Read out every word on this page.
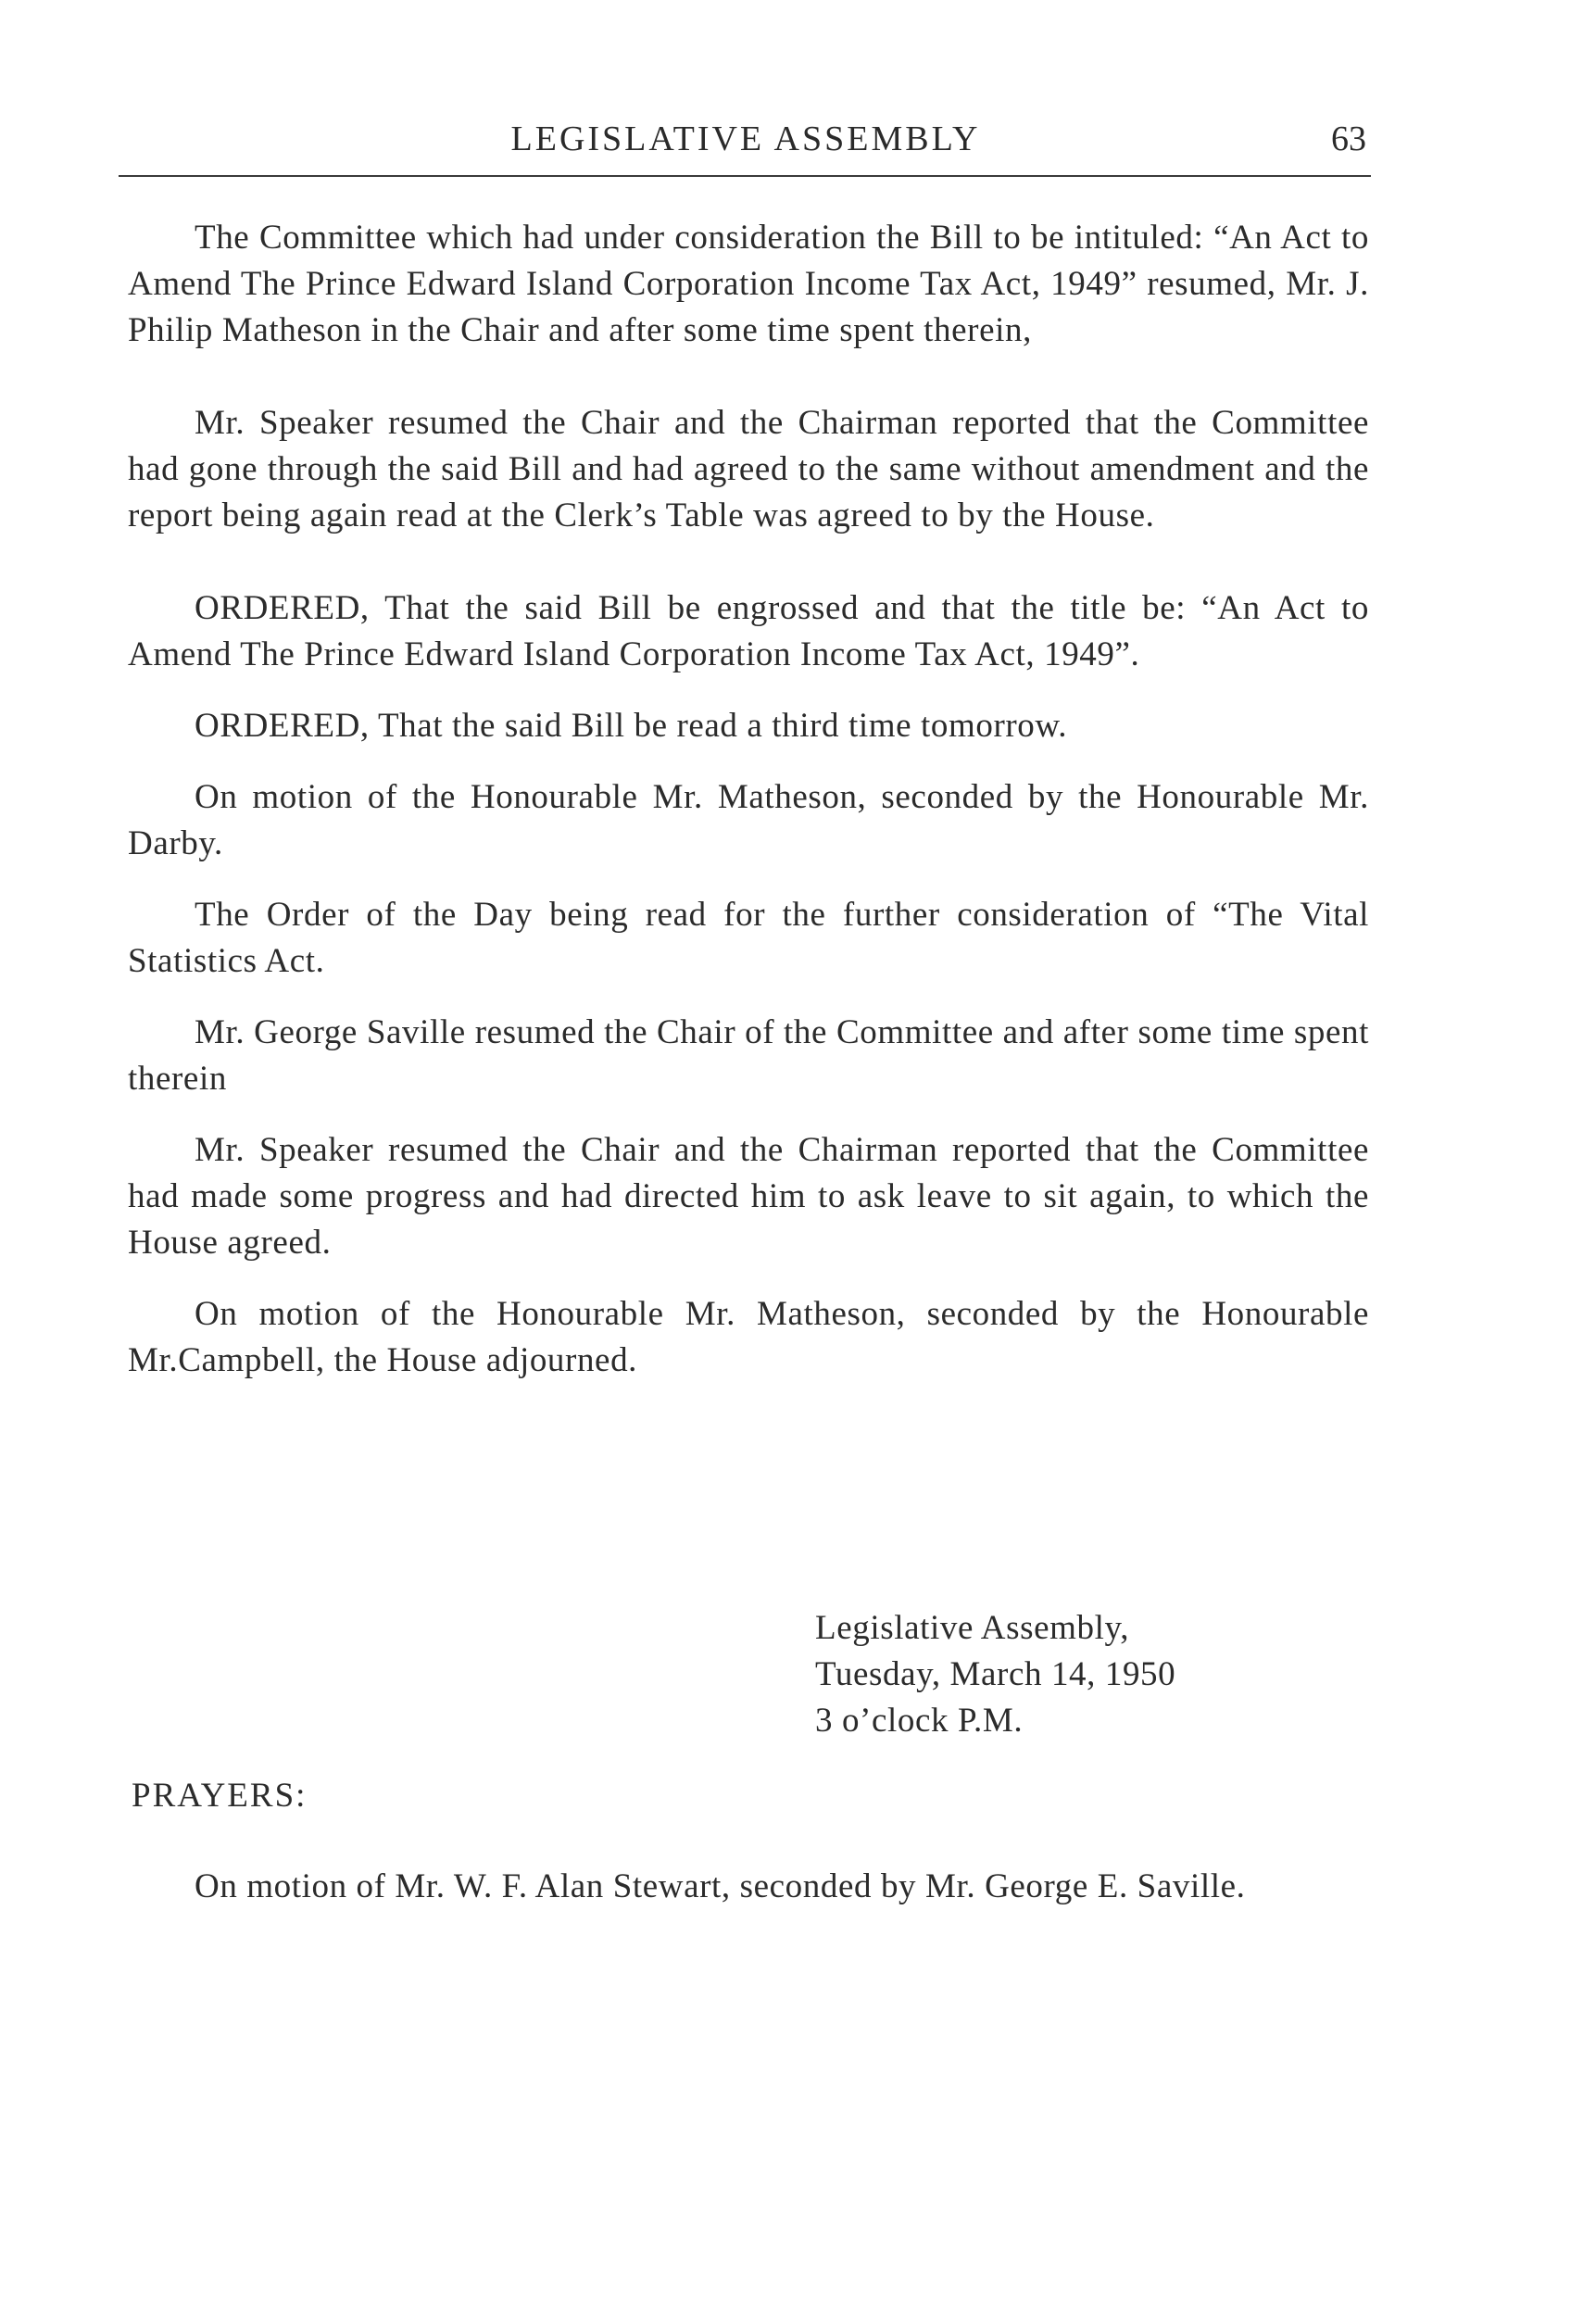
LEGISLATIVE ASSEMBLY	63

The Committee which had under consideration the Bill to be intituled: “An Act to Amend The Prince Edward Island Corporation Income Tax Act, 1949” resumed, Mr. J. Philip Matheson in the Chair and after some time spent therein,

Mr. Speaker resumed the Chair and the Chairman reported that the Committee had gone through the said Bill and had agreed to the same without amendment and the report being again read at the Clerk’s Table was agreed to by the House.

ORDERED, That the said Bill be engrossed and that the title be: “An Act to Amend The Prince Edward Island Corporation Income Tax Act, 1949”.

ORDERED, That the said Bill be read a third time tomorrow.

On motion of the Honourable Mr. Matheson, seconded by the Honourable Mr. Darby.

The Order of the Day being read for the further consideration of “The Vital Statistics Act.

Mr. George Saville resumed the Chair of the Committee and after some time spent therein

Mr. Speaker resumed the Chair and the Chairman reported that the Committee had made some progress and had directed him to ask leave to sit again, to which the House agreed.

On motion of the Honourable Mr. Matheson, seconded by the Honourable Mr.Campbell, the House adjourned.

Legislative Assembly,
Tuesday, March 14, 1950
3 o’clock P.M.
PRAYERS:

On motion of Mr. W. F. Alan Stewart, seconded by Mr. George E. Saville.
